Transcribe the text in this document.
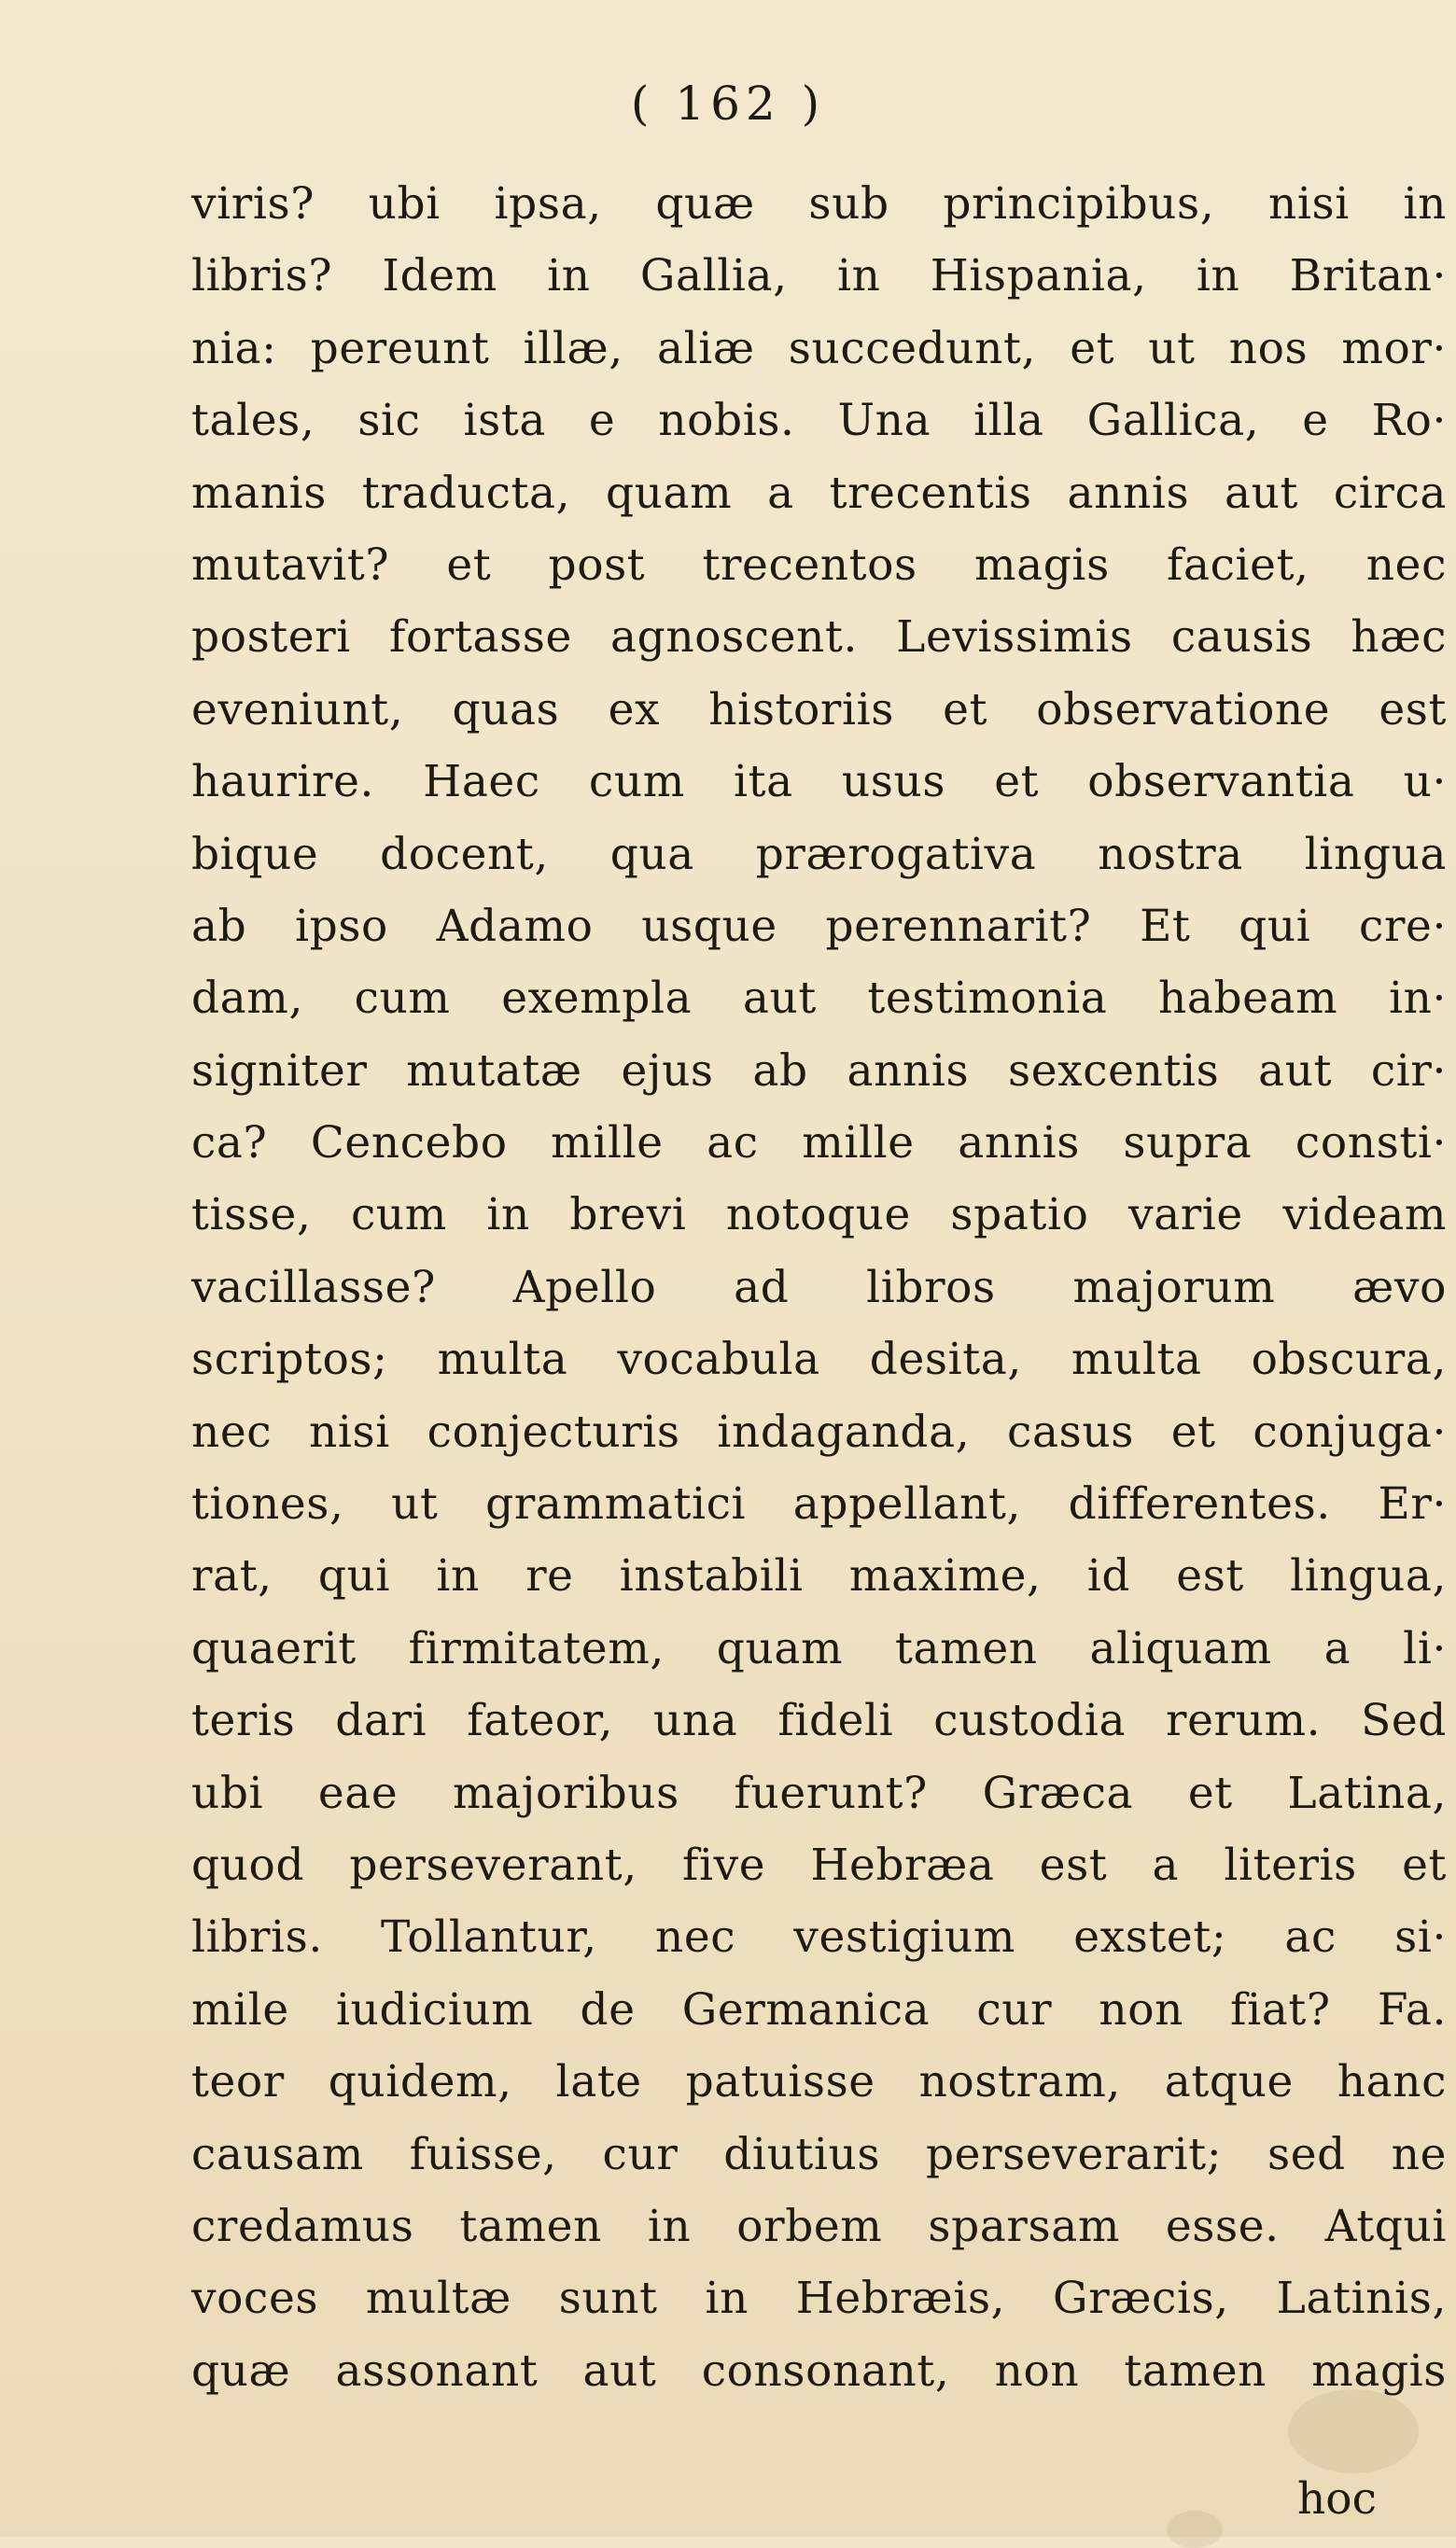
( 162 )
viris? ubi ipsa, quæ sub principibus, nisi in
libris? Idem in Gallia, in Hispania, in Britan·
nia: pereunt illæ, aliæ succedunt, et ut nos mor·
tales, sic ista e nobis. Una illa Gallica, e Ro·
manis traducta, quam a trecentis annis aut circa
mutavit? et post trecentos magis faciet, nec
posteri fortasse agnoscent. Levissimis causis hæc
eveniunt, quas ex historiis et observatione est
haurire. Haec cum ita usus et observantia u·
bique docent, qua prærogativa nostra lingua
ab ipso Adamo usque perennarit? Et qui cre·
dam, cum exempla aut testimonia habeam in·
signiter mutatæ ejus ab annis sexcentis aut cir·
ca? Cencebo mille ac mille annis supra consti·
tisse, cum in brevi notoque spatio varie videam
vacillasse? Apello ad libros majorum ævo
scriptos; multa vocabula desita, multa obscura,
nec nisi conjecturis indaganda, casus et conjuga·
tiones, ut grammatici appellant, differentes. Er·
rat, qui in re instabili maxime, id est lingua,
quaerit firmitatem, quam tamen aliquam a li·
teris dari fateor, una fideli custodia rerum. Sed
ubi eae majoribus fuerunt? Græca et Latina,
quod perseverant, five Hebræa est a literis et
libris. Tollantur, nec vestigium exstet; ac si·
mile iudicium de Germanica cur non fiat? Fa.
teor quidem, late patuisse nostram, atque hanc
causam fuisse, cur diutius perseverarit; sed ne
credamus tamen in orbem sparsam esse. Atqui
voces multæ sunt in Hebræis, Græcis, Latinis,
quæ assonant aut consonant, non tamen magis
hoc
